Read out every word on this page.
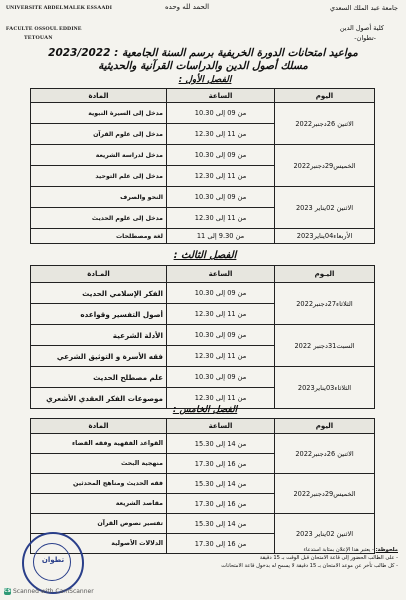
UNIVERSITE ABDELMALEK ESSAADI
FACULTE OSSOUL EDDINE
TETOUAN
جامعة عبد الملك السعدي
الحمد لله وحده
كلية أصول الدين
-تطوان-
مواعيد امتحانات الدورة الخريفية برسم السنة الجامعية : 2023/2022
مسلك أصول الدين والدراسات القرآنية والحديثية
الفصل الأول :
اليوم	الساعة	المادة
الاثنين 26دجنبر2022	من 09 إلى 10.30	مدخل إلى السيرة النبوية
	من 11 إلى 12.30	مدخل إلى علوم القرآن
الخميس29دجنبر2022	من 09 إلى 10.30	مدخل لدراسة الشريعة
	من 11 إلى 12.30	مدخل إلى علم التوحيد
الاثنين 02يناير 2023	من 09 إلى 10.30	النحو والصرف
	من 11 إلى 12.30	مدخل إلى علوم الحديث
الأربعاء04يناير2023	من 9.30 إلى 11	لغة ومصطلحات
الفصل الثالث :
اليـوم	الساعة	المـادة
الثلاثاء27دجنبر2022	من 09 إلى 10.30	الفكر الإسلامي الحديث
	من 11 إلى 12.30	أصول التفسير وقواعده
السبت31دجنبر 2022	من 09 إلى 10.30	الأدلة الشرعية
	من 11 إلى 12.30	فقه الأسرة و التوثيق الشرعي
الثلاثاء03يناير2023	من 09 إلى 10.30	علم مصطلح الحديث
	من 11 إلى 12.30	موصوعات الفكر العقدي الأشعري
الفصل الخامس :
اليوم	الساعة	المادة
الاثنين 26دجنبر2022	من 14 إلى 15.30	القواعد الفقهية وفقه القضاء
	من 16 إلى 17.30	منهجية البحث
الخميس29دجنبر2022	من 14 إلى 15.30	فقه الحديث ومناهج المحدثين
	من 16 إلى 17.30	مقاصد الشريعة
الاثنين 02يناير 2023	من 14 إلى 15.30	تفسير نصوص القرآن
	من 16 إلى 17.30	الدلالات الأصولية
ملحوظة: - يعتبر هذا الإعلان بمثابة استدعاء
- على الطالب الحضور إلى قاعة الامتحان قبل الوقت بـ 15 دقيقة
- كل طالب تأخر عن موعد الامتحان بـ 15 دقيقة لا يسمح له بدخول قاعة الامتحانات
تطوان
CS Scanned with CamScanner
